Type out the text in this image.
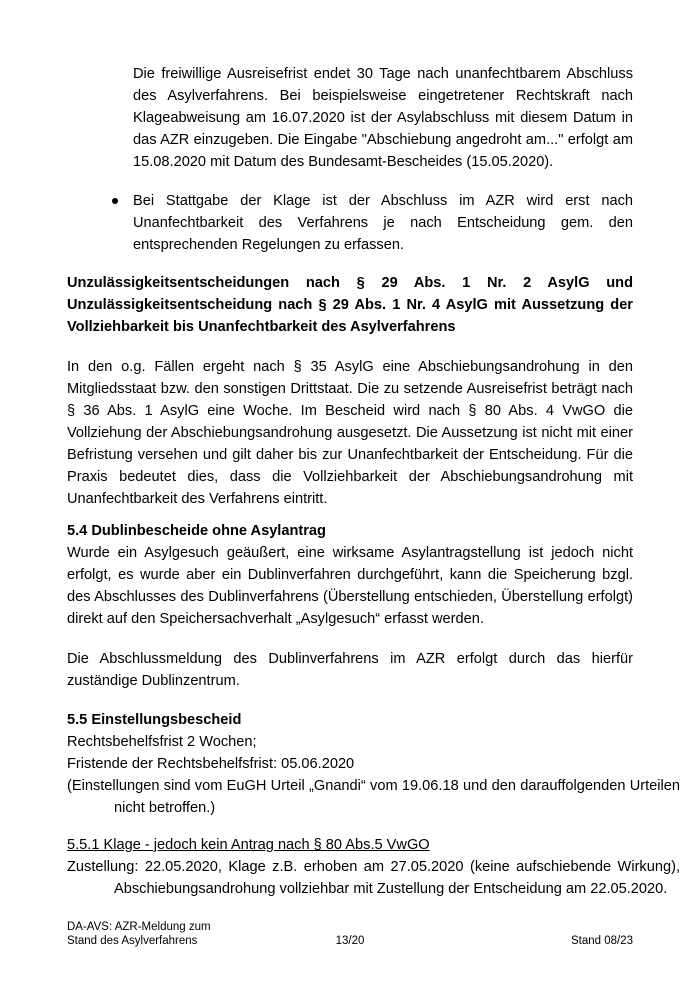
Die freiwillige Ausreisefrist endet 30 Tage nach unanfechtbarem Abschluss des Asylverfahrens. Bei beispielsweise eingetretener Rechtskraft nach Klageabweisung am 16.07.2020 ist der Asylabschluss mit diesem Datum in das AZR einzugeben. Die Eingabe "Abschiebung angedroht am..." erfolgt am 15.08.2020 mit Datum des Bundesamt-Bescheides (15.05.2020).

Bei Stattgabe der Klage ist der Abschluss im AZR wird erst nach Unanfechtbarkeit des Verfahrens je nach Entscheidung gem. den entsprechenden Regelungen zu erfassen.

Unzulässigkeitsentscheidungen nach § 29 Abs. 1 Nr. 2 AsylG und Unzulässigkeitsentscheidung nach § 29 Abs. 1 Nr. 4 AsylG mit Aussetzung der Vollziehbarkeit bis Unanfechtbarkeit des Asylverfahrens

In den o.g. Fällen ergeht nach § 35 AsylG eine Abschiebungsandrohung in den Mitgliedsstaat bzw. den sonstigen Drittstaat. Die zu setzende Ausreisefrist beträgt nach § 36 Abs. 1 AsylG eine Woche. Im Bescheid wird nach § 80 Abs. 4 VwGO die Vollziehung der Abschiebungsandrohung ausgesetzt. Die Aussetzung ist nicht mit einer Befristung versehen und gilt daher bis zur Unanfechtbarkeit der Entscheidung. Für die Praxis bedeutet dies, dass die Vollziehbarkeit der Abschiebungsandrohung mit Unanfechtbarkeit des Verfahrens eintritt.

5.4 Dublinbescheide ohne Asylantrag

Wurde ein Asylgesuch geäußert, eine wirksame Asylantragstellung ist jedoch nicht erfolgt, es wurde aber ein Dublinverfahren durchgeführt, kann die Speicherung bzgl. des Abschlusses des Dublinverfahrens (Überstellung entschieden, Überstellung erfolgt) direkt auf den Speichersachverhalt „Asylgesuch“ erfasst werden.

Die Abschlussmeldung des Dublinverfahrens im AZR erfolgt durch das hierfür zuständige Dublinzentrum.

5.5 Einstellungsbescheid

Rechtsbehelfsfrist 2 Wochen;

Fristende der Rechtsbehelfsfrist: 05.06.2020

(Einstellungen sind vom EuGH Urteil „Gnandi“ vom 19.06.18 und den darauffolgenden Urteilen nicht betroffen.)

5.5.1 Klage - jedoch kein Antrag nach § 80 Abs.5 VwGO

Zustellung: 22.05.2020, Klage z.B. erhoben am 27.05.2020 (keine aufschiebende Wirkung), Abschiebungsandrohung vollziehbar mit Zustellung der Entscheidung am 22.05.2020.

DA-AVS: AZR-Meldung zum
Stand des Asylverfahrens	13/20	Stand 08/23
